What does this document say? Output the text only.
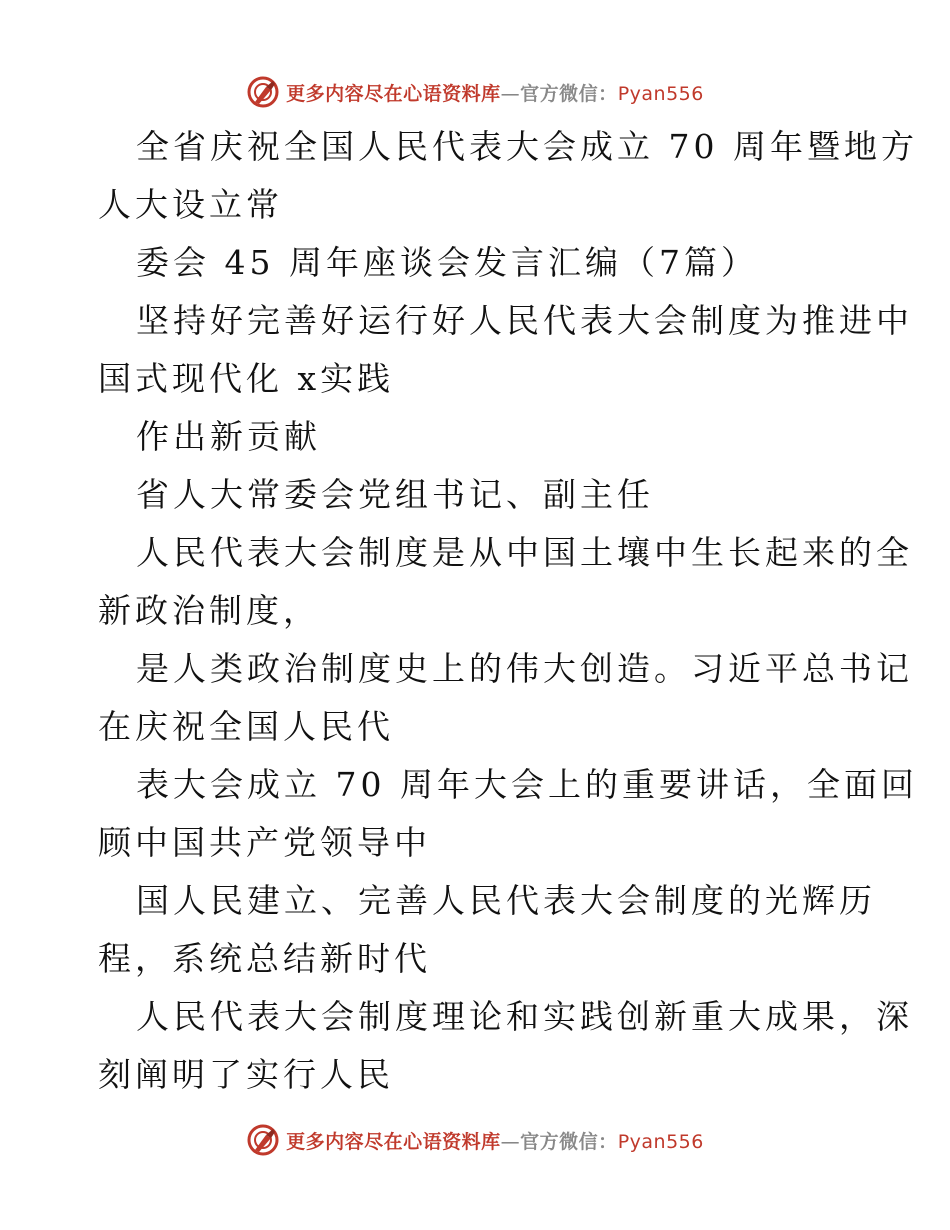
更多内容尽在心语资料库—官方微信：Pyan556
全省庆祝全国人民代表大会成立 70 周年暨地方
人大设立常
委会 45 周年座谈会发言汇编（7篇）
坚持好完善好运行好人民代表大会制度为推进中
国式现代化 x实践
作出新贡献
省人大常委会党组书记、副主任
人民代表大会制度是从中国土壤中生长起来的全
新政治制度，
是人类政治制度史上的伟大创造。习近平总书记
在庆祝全国人民代
表大会成立 70 周年大会上的重要讲话，全面回
顾中国共产党领导中
国人民建立、完善人民代表大会制度的光辉历
程，系统总结新时代
人民代表大会制度理论和实践创新重大成果，深
刻阐明了实行人民
更多内容尽在心语资料库—官方微信：Pyan556
